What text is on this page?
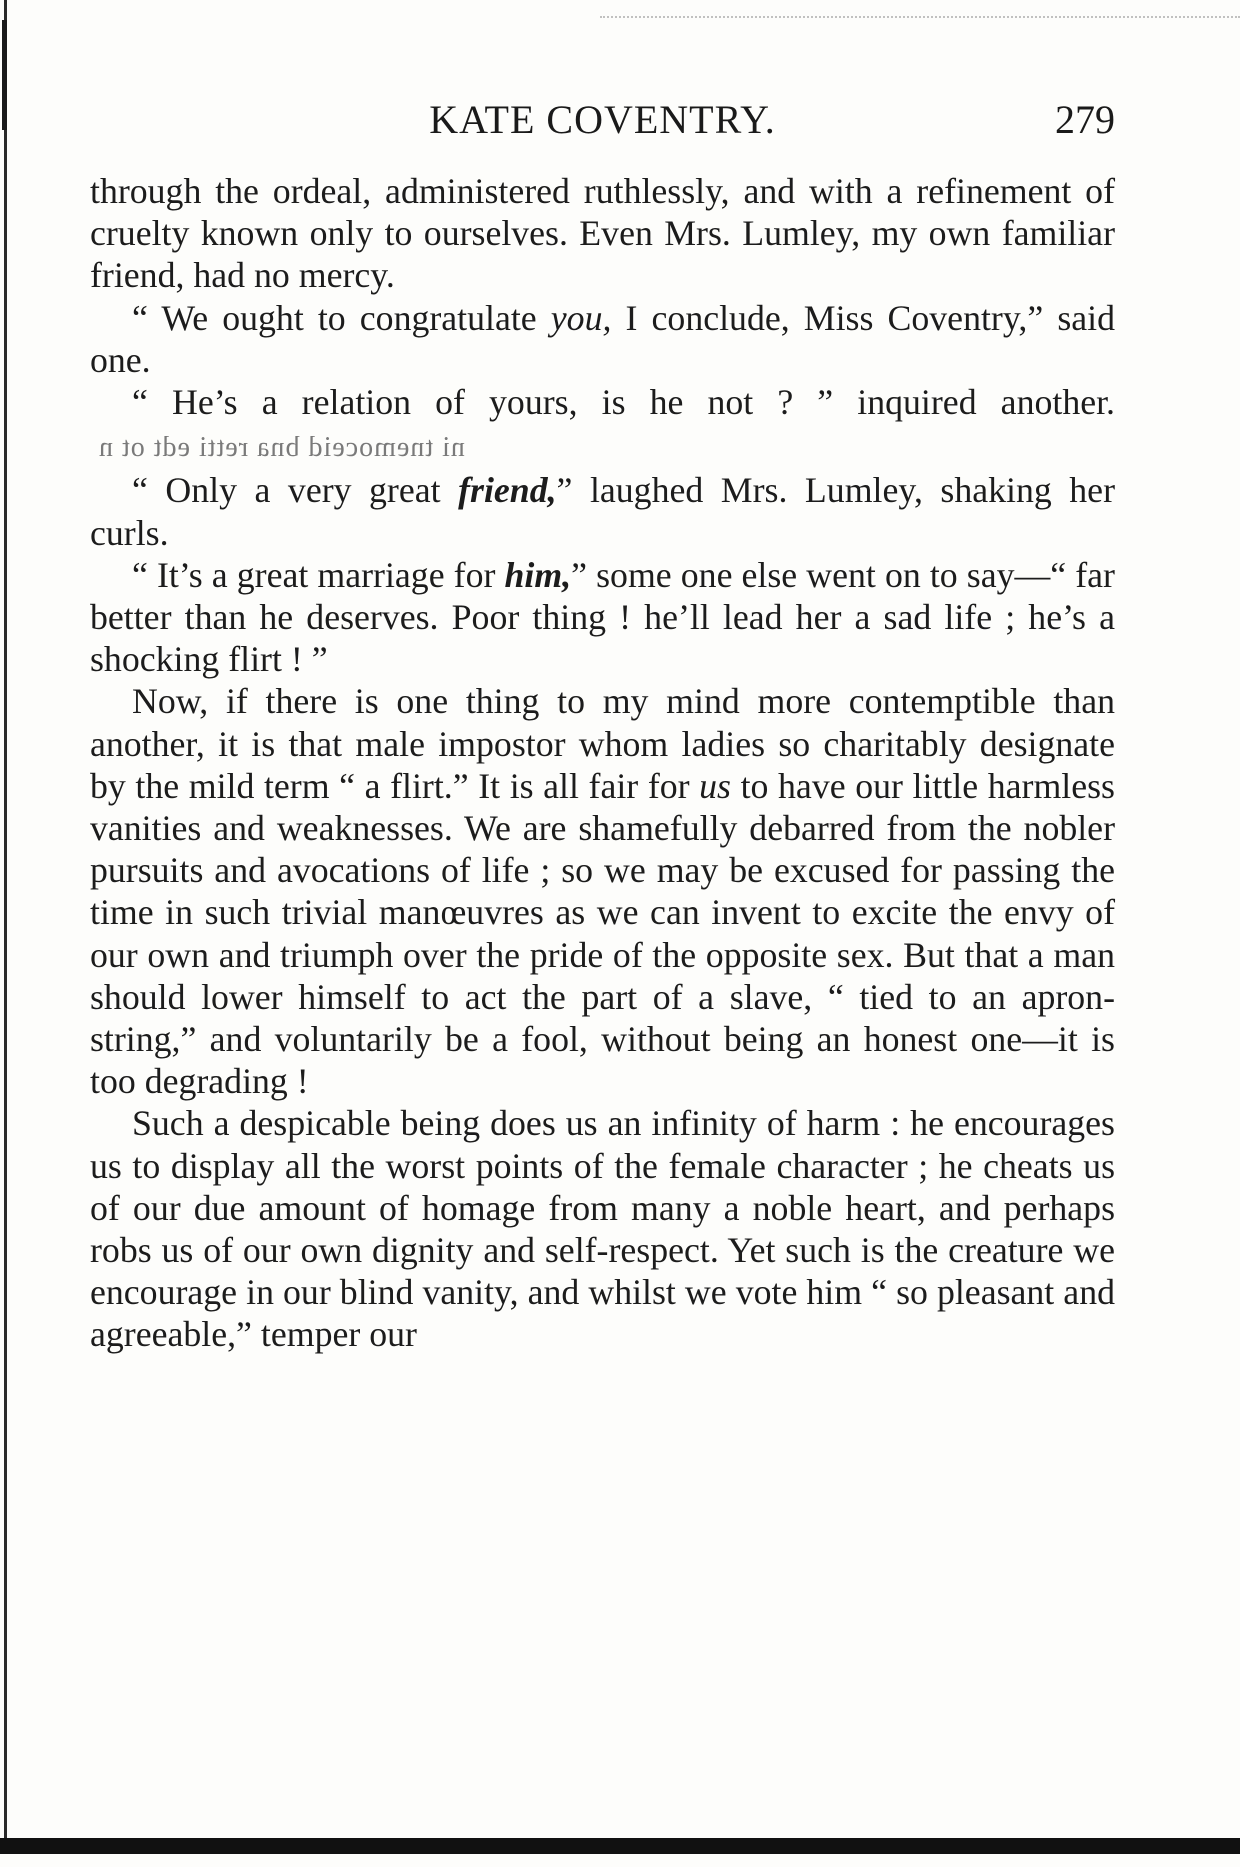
KATE COVENTRY.	279

through the ordeal, administered ruthlessly, and with a refinement of cruelty known only to ourselves. Even Mrs. Lumley, my own familiar friend, had no mercy.

“ We ought to congratulate you, I conclude, Miss Coventry,” said one.

“ He’s a relation of yours, is he not ? ” inquired another.ni tnemoceid bna retti edt ot n

“ Only a very great friend,” laughed Mrs. Lumley, shaking her curls.

“ It’s a great marriage for him,” some one else went on to say—“ far better than he deserves. Poor thing ! he’ll lead her a sad life ; he’s a shocking flirt ! ”

Now, if there is one thing to my mind more contemptible than another, it is that male impostor whom ladies so charitably designate by the mild term “ a flirt.” It is all fair for us to have our little harmless vanities and weaknesses. We are shamefully debarred from the nobler pursuits and avocations of life ; so we may be excused for passing the time in such trivial manœuvres as we can invent to excite the envy of our own and triumph over the pride of the opposite sex. But that a man should lower himself to act the part of a slave, “ tied to an apron-string,” and voluntarily be a fool, without being an honest one—it is too degrading !

Such a despicable being does us an infinity of harm : he encourages us to display all the worst points of the female character ; he cheats us of our due amount of homage from many a noble heart, and perhaps robs us of our own dignity and self-respect. Yet such is the creature we encourage in our blind vanity, and whilst we vote him “ so pleasant and agreeable,” temper our
